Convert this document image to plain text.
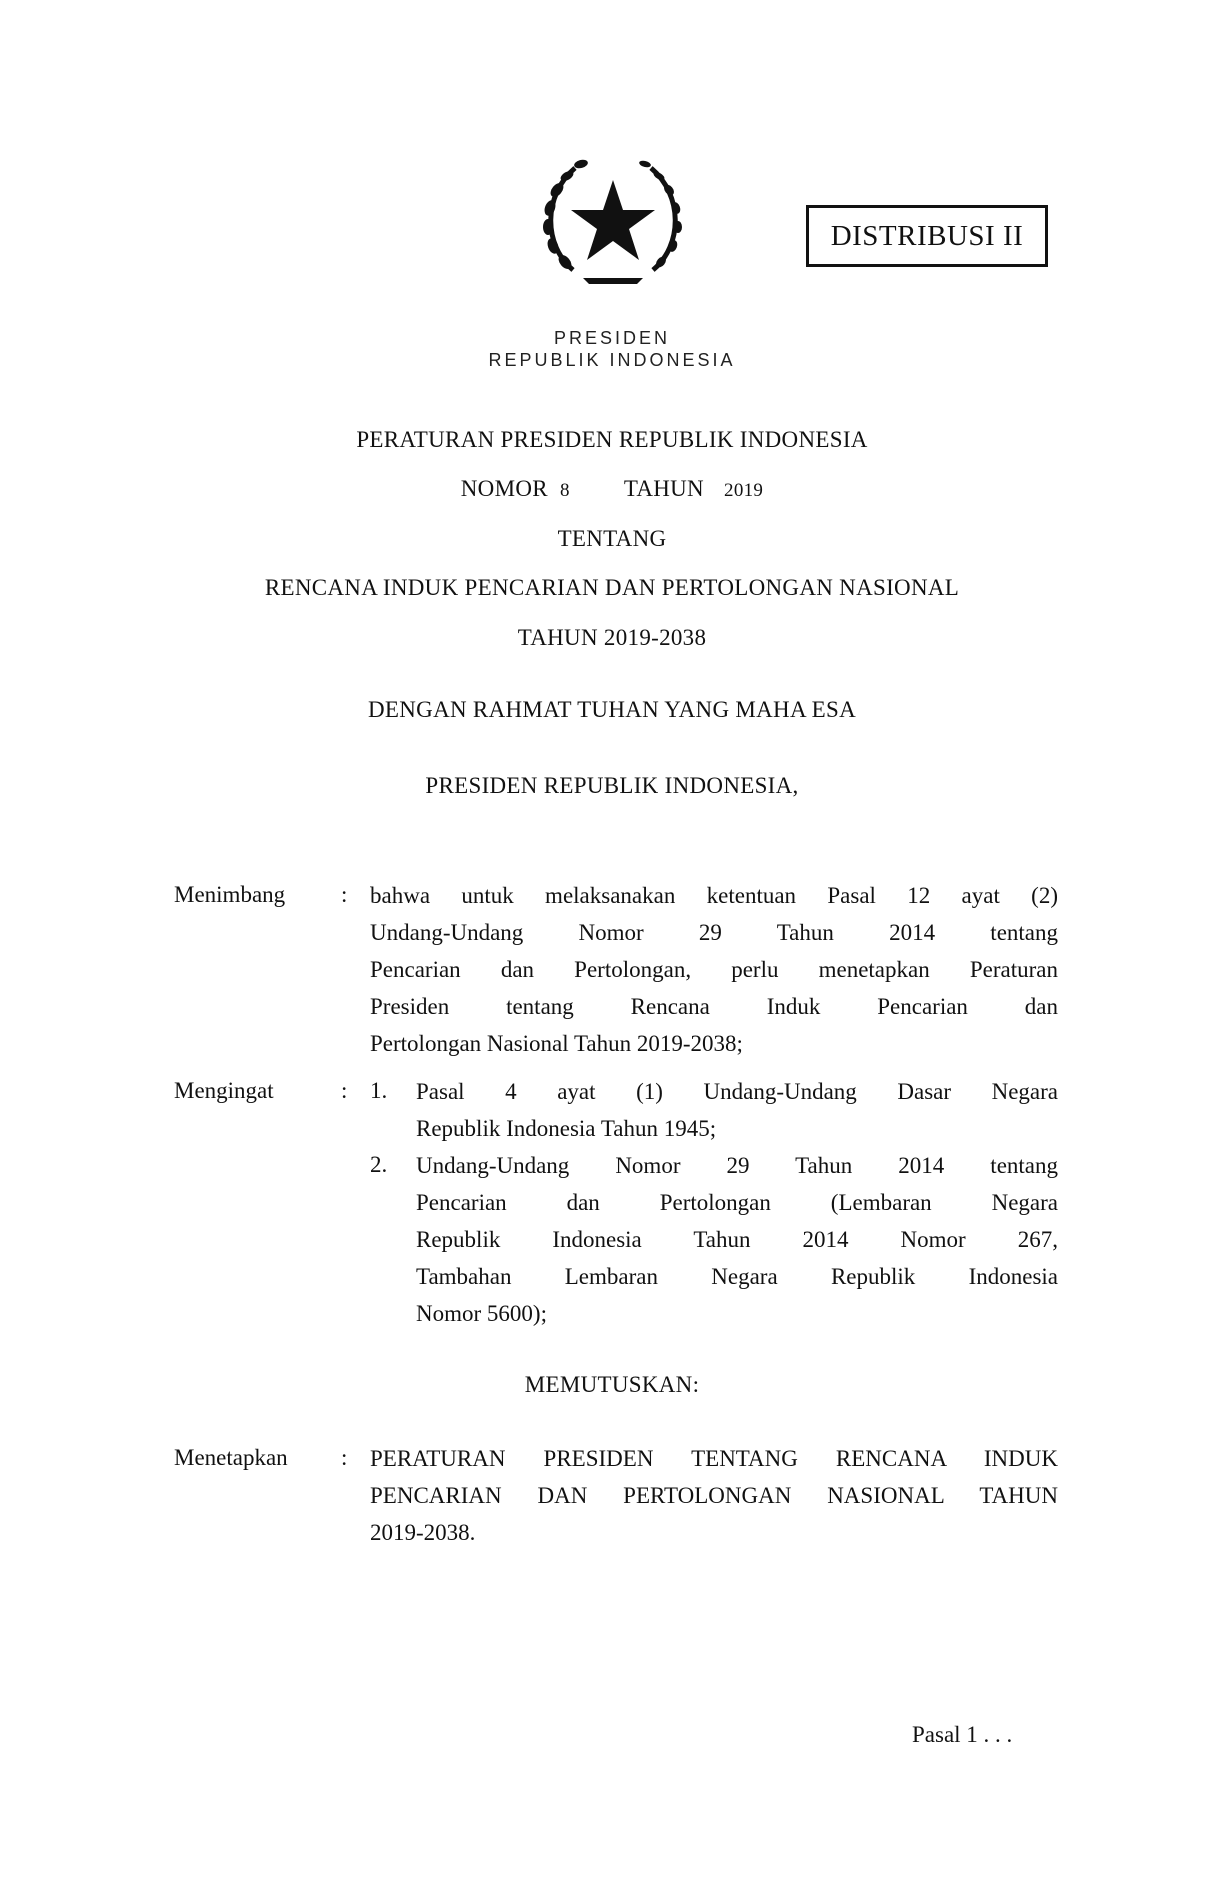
DISTRIBUSI II
PRESIDEN
REPUBLIK INDONESIA
PERATURAN PRESIDEN REPUBLIK INDONESIA
NOMOR 8 TAHUN 2019
TENTANG
RENCANA INDUK PENCARIAN DAN PERTOLONGAN NASIONAL
TAHUN 2019-2038
DENGAN RAHMAT TUHAN YANG MAHA ESA
PRESIDEN REPUBLIK INDONESIA,
Menimbang : bahwa untuk melaksanakan ketentuan Pasal 12 ayat (2)
Undang-Undang Nomor 29 Tahun 2014 tentang
Pencarian dan Pertolongan, perlu menetapkan Peraturan
Presiden tentang Rencana Induk Pencarian dan
Pertolongan Nasional Tahun 2019-2038;
Mengingat	: 1. Pasal 4 ayat (1) Undang-Undang Dasar Negara
Republik Indonesia Tahun 1945;
2. Undang-Undang Nomor 29 Tahun 2014 tentang
Pencarian dan Pertolongan (Lembaran Negara
Republik Indonesia Tahun 2014 Nomor 267,
Tambahan Lembaran Negara Republik Indonesia
Nomor 5600);
MEMUTUSKAN:
Menetapkan : PERATURAN PRESIDEN TENTANG RENCANA INDUK
PENCARIAN DAN PERTOLONGAN NASIONAL TAHUN
2019-2038.
Pasal 1 . . .
